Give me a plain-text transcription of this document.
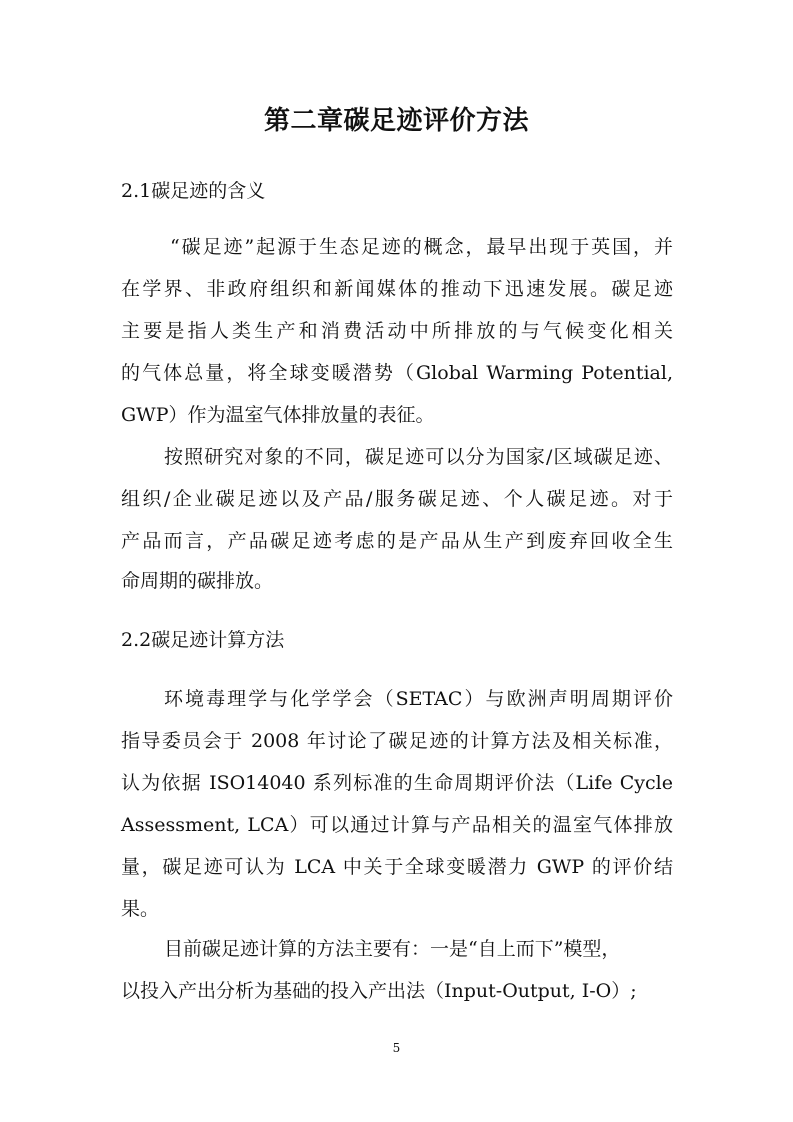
第二章碳足迹评价方法
2.1碳足迹的含义
“碳足迹”起源于生态足迹的概念，最早出现于英国，并
在学界、非政府组织和新闻媒体的推动下迅速发展。碳足迹
主要是指人类生产和消费活动中所排放的与气候变化相关
的气体总量，将全球变暖潜势（Global Warming Potential,
GWP）作为温室气体排放量的表征。
按照研究对象的不同，碳足迹可以分为国家/区域碳足迹、
组织/企业碳足迹以及产品/服务碳足迹、个人碳足迹。对于
产品而言，产品碳足迹考虑的是产品从生产到废弃回收全生
命周期的碳排放。
2.2碳足迹计算方法
环境毒理学与化学学会（SETAC）与欧洲声明周期评价
指导委员会于 2008 年讨论了碳足迹的计算方法及相关标准，
认为依据 ISO14040 系列标准的生命周期评价法（Life Cycle
Assessment, LCA）可以通过计算与产品相关的温室气体排放
量，碳足迹可认为 LCA 中关于全球变暖潜力 GWP 的评价结
果。
目前碳足迹计算的方法主要有：一是“自上而下”模型，
以投入产出分析为基础的投入产出法（Input-Output, I-O）;
5
